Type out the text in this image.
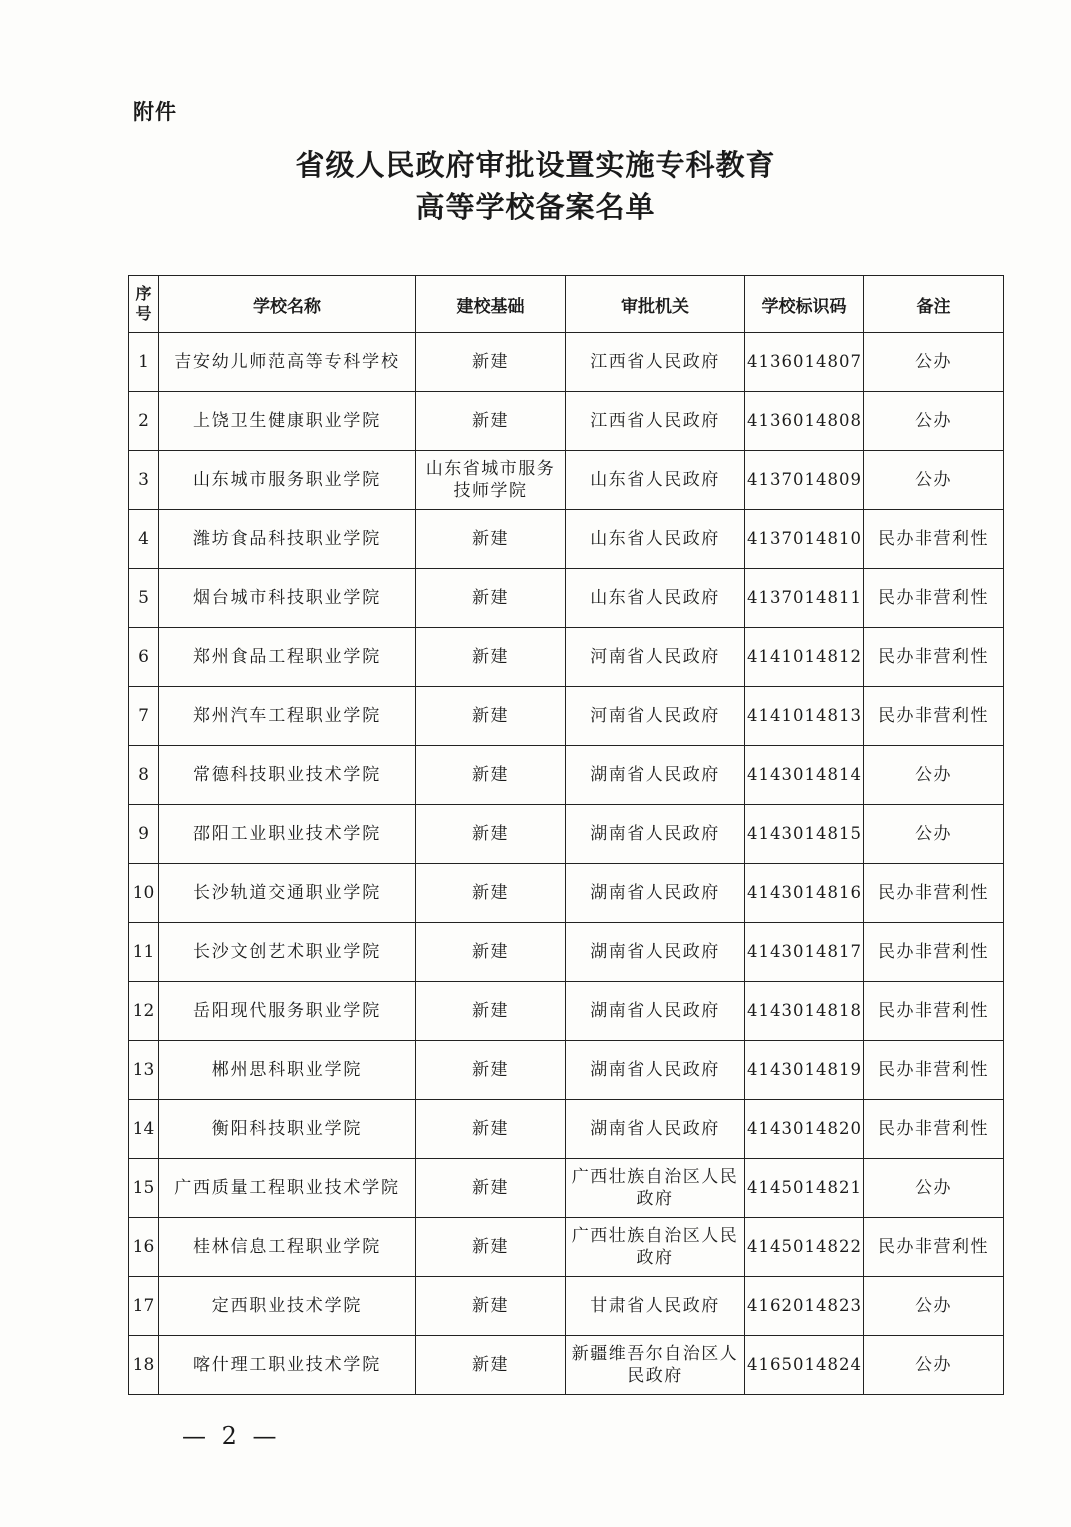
附件
省级人民政府审批设置实施专科教育
高等学校备案名单
序号	学校名称	建校基础	审批机关	学校标识码	备注
1	吉安幼儿师范高等专科学校	新建	江西省人民政府	4136014807	公办
2	上饶卫生健康职业学院	新建	江西省人民政府	4136014808	公办
3	山东城市服务职业学院	山东省城市服务技师学院	山东省人民政府	4137014809	公办
4	潍坊食品科技职业学院	新建	山东省人民政府	4137014810	民办非营利性
5	烟台城市科技职业学院	新建	山东省人民政府	4137014811	民办非营利性
6	郑州食品工程职业学院	新建	河南省人民政府	4141014812	民办非营利性
7	郑州汽车工程职业学院	新建	河南省人民政府	4141014813	民办非营利性
8	常德科技职业技术学院	新建	湖南省人民政府	4143014814	公办
9	邵阳工业职业技术学院	新建	湖南省人民政府	4143014815	公办
10	长沙轨道交通职业学院	新建	湖南省人民政府	4143014816	民办非营利性
11	长沙文创艺术职业学院	新建	湖南省人民政府	4143014817	民办非营利性
12	岳阳现代服务职业学院	新建	湖南省人民政府	4143014818	民办非营利性
13	郴州思科职业学院	新建	湖南省人民政府	4143014819	民办非营利性
14	衡阳科技职业学院	新建	湖南省人民政府	4143014820	民办非营利性
15	广西质量工程职业技术学院	新建	广西壮族自治区人民政府	4145014821	公办
16	桂林信息工程职业学院	新建	广西壮族自治区人民政府	4145014822	民办非营利性
17	定西职业技术学院	新建	甘肃省人民政府	4162014823	公办
18	喀什理工职业技术学院	新建	新疆维吾尔自治区人民政府	4165014824	公办
— 2 —
